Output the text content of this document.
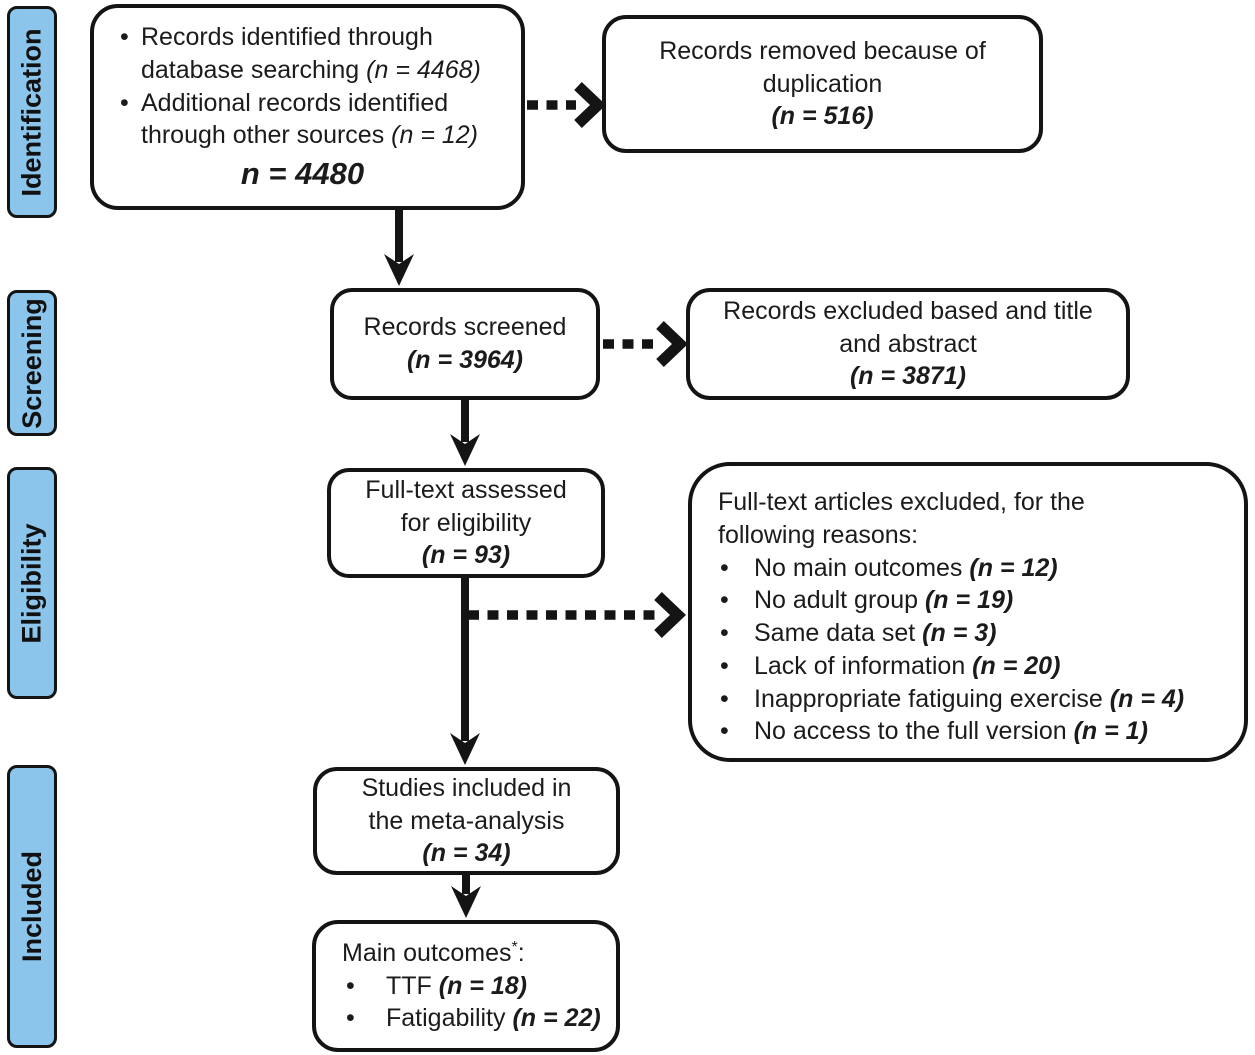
Identification
Screening
Eligibility
Included
• Records identified through
database searching (n = 4468)
• Additional records identified
through other sources (n = 12)
n = 4480
Records removed because of
duplication
(n = 516)
Records screened
(n = 3964)
Records excluded based and title
and abstract
(n = 3871)
Full-text assessed
for eligibility
(n = 93)
Full-text articles excluded, for the
following reasons:
• No main outcomes (n = 12)
• No adult group (n = 19)
• Same data set (n = 3)
• Lack of information (n = 20)
• Inappropriate fatiguing exercise (n = 4)
• No access to the full version (n = 1)
Studies included in
the meta-analysis
(n = 34)
Main outcomes*:
• TTF (n = 18)
• Fatigability (n = 22)
